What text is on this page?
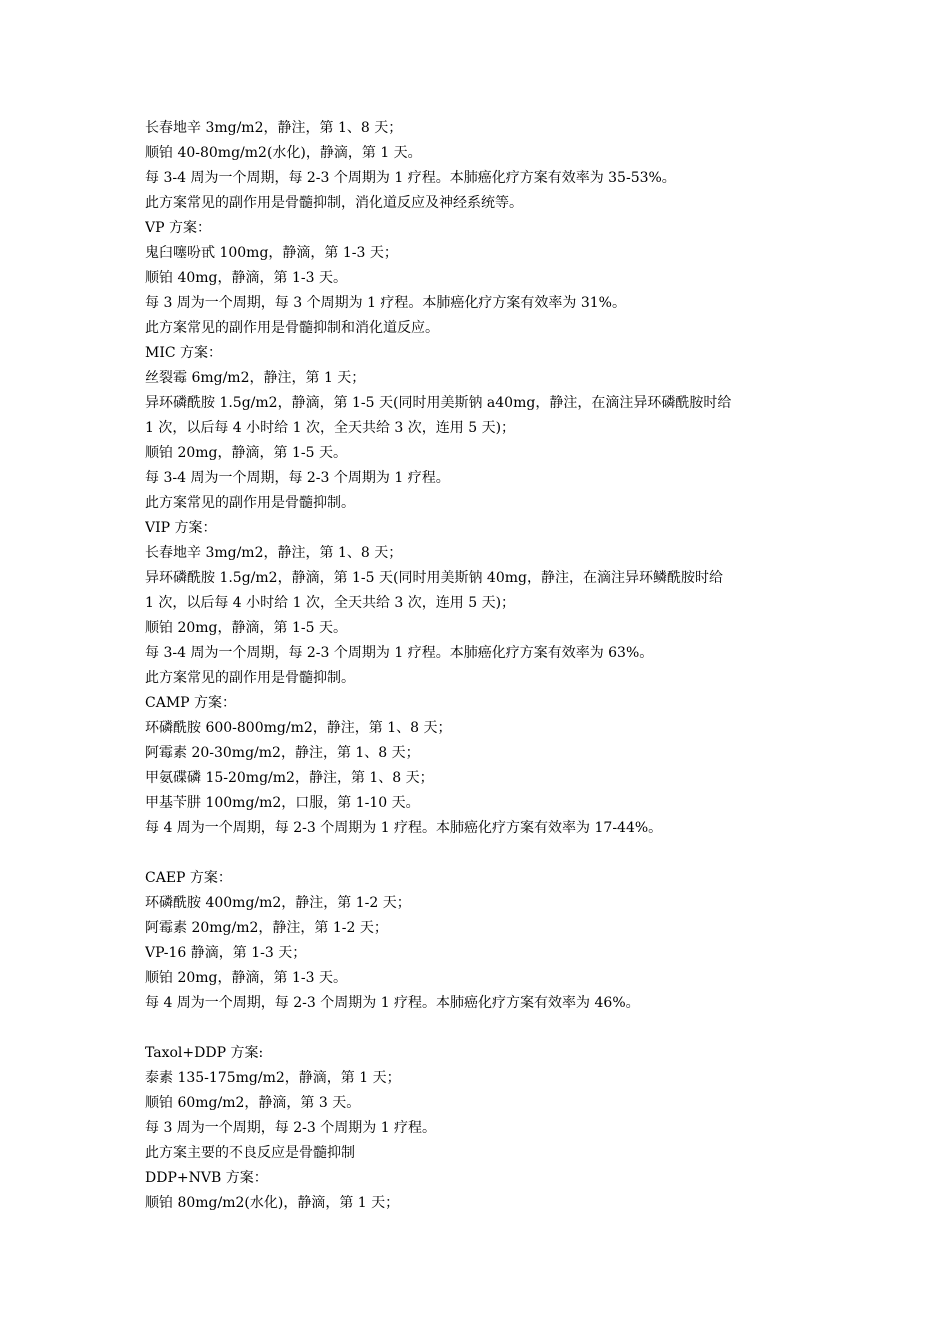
长春地辛 3mg/m2，静注，第 1、8 天；
顺铂 40-80mg/m2(水化)，静滴，第 1 天。
每 3-4 周为一个周期，每 2-3 个周期为 1 疗程。本肺癌化疗方案有效率为 35-53%。
此方案常见的副作用是骨髓抑制，消化道反应及神经系统等。
VP 方案：
鬼臼噻吩甙 100mg，静滴，第 1-3 天；
顺铂 40mg，静滴，第 1-3 天。
每 3 周为一个周期，每 3 个周期为 1 疗程。本肺癌化疗方案有效率为 31%。
此方案常见的副作用是骨髓抑制和消化道反应。
MIC 方案：
丝裂霉 6mg/m2，静注，第 1 天；
异环磷酰胺 1.5g/m2，静滴，第 1-5 天(同时用美斯钠 a40mg，静注，在滴注异环磷酰胺时给
1 次，以后每 4 小时给 1 次，全天共给 3 次，连用 5 天)；
顺铂 20mg，静滴，第 1-5 天。
每 3-4 周为一个周期，每 2-3 个周期为 1 疗程。
此方案常见的副作用是骨髓抑制。
VIP 方案：
长春地辛 3mg/m2，静注，第 1、8 天；
异环磷酰胺 1.5g/m2，静滴，第 1-5 天(同时用美斯钠 40mg，静注，在滴注异环鳞酰胺时给
1 次，以后每 4 小时给 1 次，全天共给 3 次，连用 5 天)；
顺铂 20mg，静滴，第 1-5 天。
每 3-4 周为一个周期，每 2-3 个周期为 1 疗程。本肺癌化疗方案有效率为 63%。
此方案常见的副作用是骨髓抑制。
CAMP 方案：
环磷酰胺 600-800mg/m2，静注，第 1、8 天；
阿霉素 20-30mg/m2，静注，第 1、8 天；
甲氨碟磷 15-20mg/m2，静注，第 1、8 天；
甲基苄肼 100mg/m2，口服，第 1-10 天。
每 4 周为一个周期，每 2-3 个周期为 1 疗程。本肺癌化疗方案有效率为 17-44%。
CAEP 方案：
环磷酰胺 400mg/m2，静注，第 1-2 天；
阿霉素 20mg/m2，静注，第 1-2 天；
VP-16 静滴，第 1-3 天；
顺铂 20mg，静滴，第 1-3 天。
每 4 周为一个周期，每 2-3 个周期为 1 疗程。本肺癌化疗方案有效率为 46%。
Taxol+DDP 方案:
泰素 135-175mg/m2，静滴，第 1 天；
顺铂 60mg/m2，静滴，第 3 天。
每 3 周为一个周期，每 2-3 个周期为 1 疗程。
此方案主要的不良反应是骨髓抑制
DDP+NVB 方案：
顺铂 80mg/m2(水化)，静滴，第 1 天；
